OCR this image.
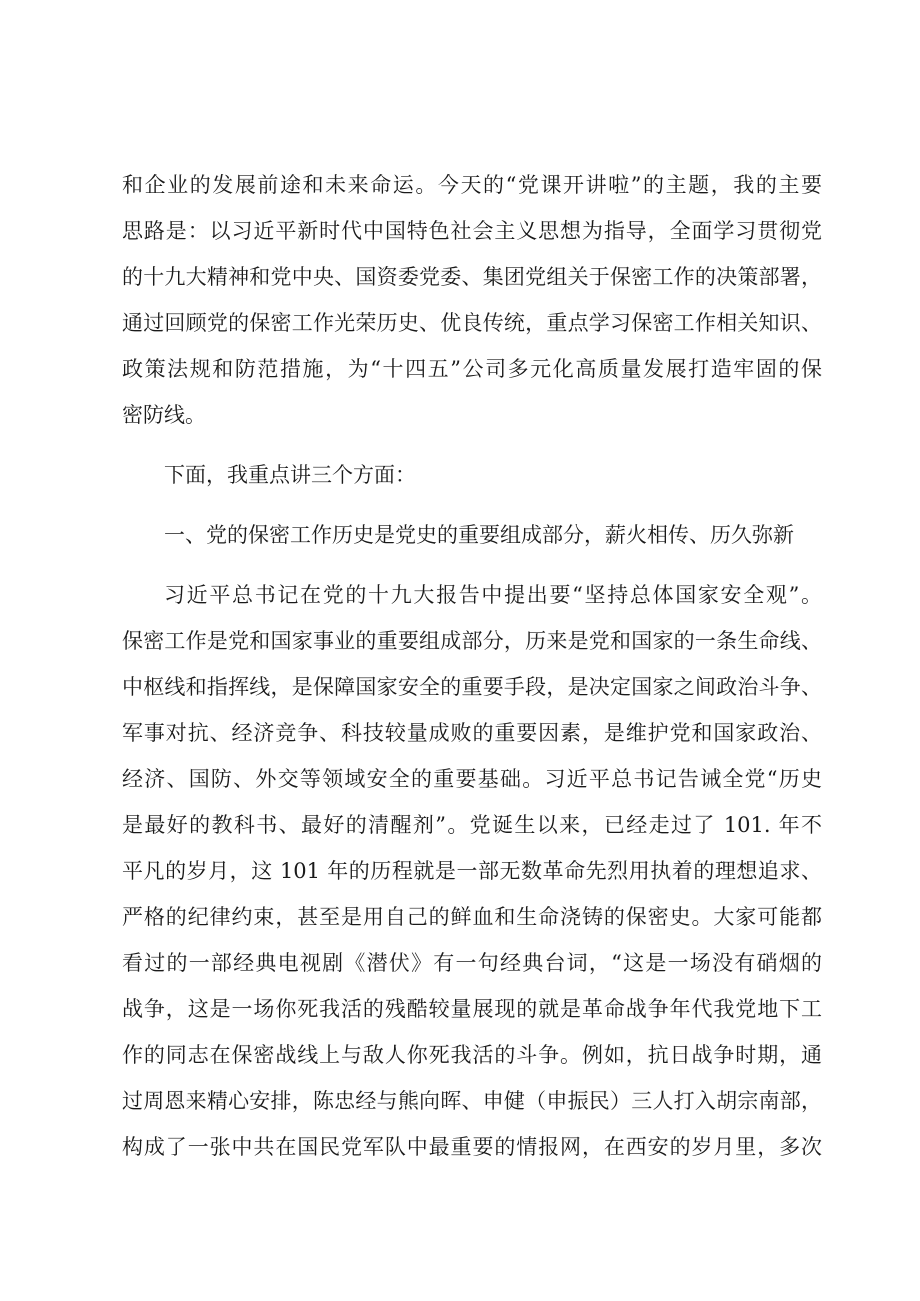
和企业的发展前途和未来命运。今天的“党课开讲啦”的主题，我的主要
思路是：以习近平新时代中国特色社会主义思想为指导，全面学习贯彻党
的十九大精神和党中央、国资委党委、集团党组关于保密工作的决策部署，
通过回顾党的保密工作光荣历史、优良传统，重点学习保密工作相关知识、
政策法规和防范措施，为“十四五”公司多元化高质量发展打造牢固的保
密防线。
下面，我重点讲三个方面：
一、党的保密工作历史是党史的重要组成部分，薪火相传、历久弥新
习近平总书记在党的十九大报告中提出要“坚持总体国家安全观”。
保密工作是党和国家事业的重要组成部分，历来是党和国家的一条生命线、
中枢线和指挥线，是保障国家安全的重要手段，是决定国家之间政治斗争、
军事对抗、经济竞争、科技较量成败的重要因素，是维护党和国家政治、
经济、国防、外交等领域安全的重要基础。习近平总书记告诫全党“历史
是最好的教科书、最好的清醒剂”。党诞生以来，已经走过了 101. 年不
平凡的岁月，这 101 年的历程就是一部无数革命先烈用执着的理想追求、
严格的纪律约束，甚至是用自己的鲜血和生命浇铸的保密史。大家可能都
看过的一部经典电视剧《潜伏》有一句经典台词，“这是一场没有硝烟的
战争，这是一场你死我活的残酷较量展现的就是革命战争年代我党地下工
作的同志在保密战线上与敌人你死我活的斗争。例如，抗日战争时期，通
过周恩来精心安排，陈忠经与熊向晖、申健（申振民）三人打入胡宗南部，
构成了一张中共在国民党军队中最重要的情报网，在西安的岁月里，多次
